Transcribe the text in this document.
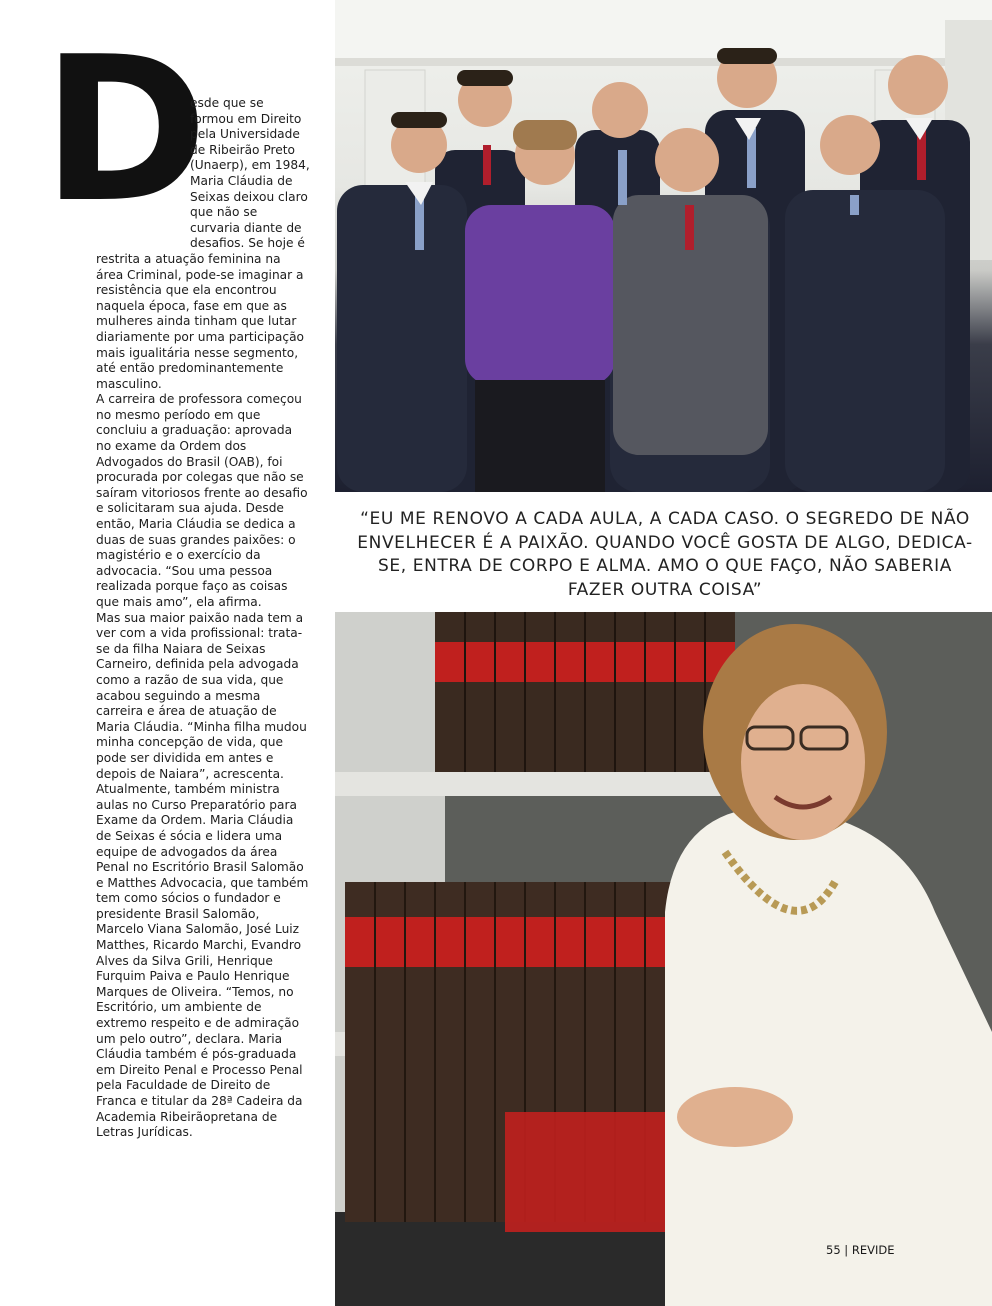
D

esde que se formou em Direito pela Universidade de Ribeirão Preto (Unaerp), em 1984, Maria Cláudia de Seixas deixou claro que não se curvaria diante de desafios. Se hoje é restrita a atuação feminina na área Criminal, pode-se imaginar a resistência que ela encontrou naquela época, fase em que as mulheres ainda tinham que lutar diariamente por uma participação mais igualitária nesse segmento, até então predominantemente masculino.

A carreira de professora começou no mesmo período em que concluiu a graduação: aprovada no exame da Ordem dos Advogados do Brasil (OAB), foi procurada por colegas que não se saíram vitoriosos frente ao desafio e solicitaram sua ajuda. Desde então, Maria Cláudia se dedica a duas de suas grandes paixões: o magistério e o exercício da advocacia. “Sou uma pessoa realizada porque faço as coisas que mais amo”, ela afirma.

Mas sua maior paixão nada tem a ver com a vida profissional: trata-se da filha Naiara de Seixas Carneiro, definida pela advogada como a razão de sua vida, que acabou seguindo a mesma carreira e área de atuação de Maria Cláudia. “Minha filha mudou minha concepção de vida, que pode ser dividida em antes e depois de Naiara”, acrescenta. Atualmente, também ministra aulas no Curso Preparatório para Exame da Ordem. Maria Cláudia de Seixas é sócia e lidera uma equipe de advogados da área Penal no Escritório Brasil Salomão e Matthes Advocacia, que também tem como sócios o fundador e presidente Brasil Salomão, Marcelo Viana Salomão, José Luiz Matthes, Ricardo Marchi, Evandro Alves da Silva Grili, Henrique Furquim Paiva e Paulo Henrique Marques de Oliveira. “Temos, no Escritório, um ambiente de extremo respeito e de admiração um pelo outro”, declara. Maria Cláudia também é pós-graduada em Direito Penal e Processo Penal pela Faculdade de Direito de Franca e titular da 28ª Cadeira da Academia Ribeirãopretana de Letras Jurídicas.

“EU ME RENOVO A CADA AULA, A CADA CASO. O SEGREDO DE NÃO ENVELHECER É A PAIXÃO. QUANDO VOCÊ GOSTA DE ALGO, DEDICA-SE, ENTRA DE CORPO E ALMA. AMO O QUE FAÇO, NÃO SABERIA FAZER OUTRA COISA”
55 | REVIDE
